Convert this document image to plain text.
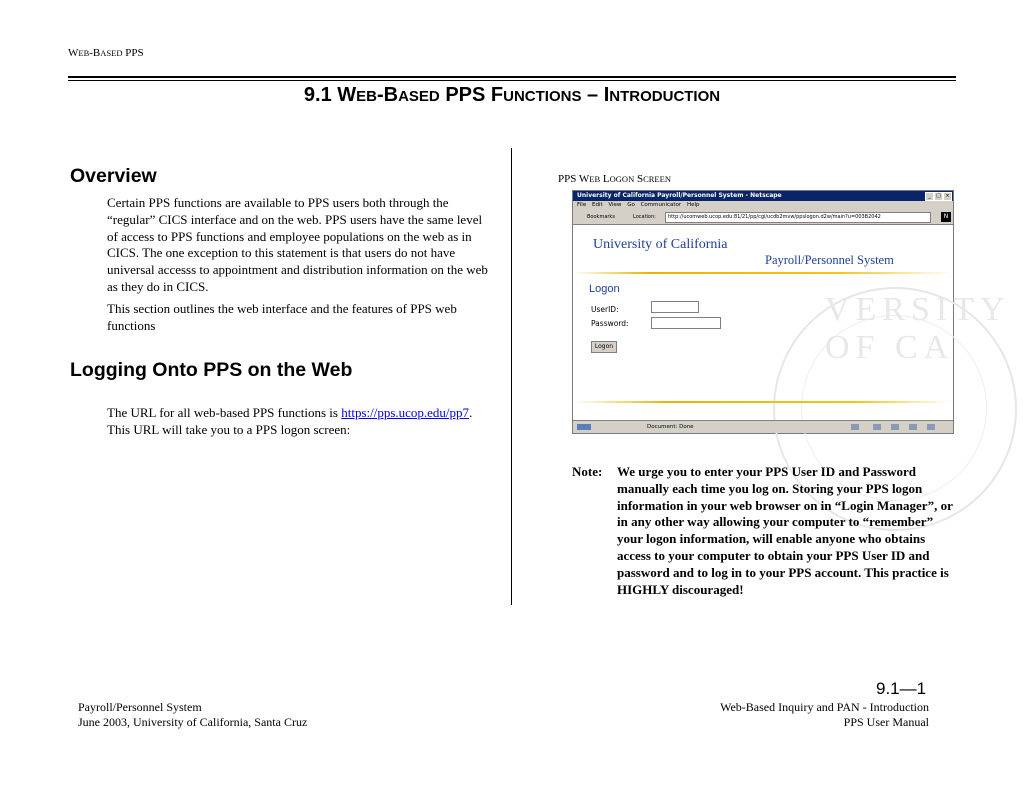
WEB-BASED PPS
9.1 WEB-BASED PPS FUNCTIONS – INTRODUCTION
Overview
Certain PPS functions are available to PPS users both through the “regular” CICS interface and on the web. PPS users have the same level of access to PPS functions and employee populations on the web as in CICS. The one exception to this statement is that users do not have universal accesss to appointment and distribution information on the web as they do in CICS.
This section outlines the web interface and the features of PPS web functions
Logging Onto PPS on the Web
The URL for all web-based PPS functions is https://pps.ucop.edu/pp7. This URL will take you to a PPS logon screen:
PPS WEB LOGON SCREEN
University of California Payroll/Personnel System - Netscape	_	□ ×
File Edit View Go Communicator Help
Bookmarks	Location:	http://ucomweb.ucop.edu:81/21/pp/cgi/ucdb2mvw/ppslogon.d2w/main?u=003B2042	N
VERSITY OF CA
University of California
Payroll/Personnel System
Logon
UserID:
Password:
Logon
Document: Done
Note: We urge you to enter your PPS User ID and Password manually each time you log on. Storing your PPS logon information in your web browser on in “Login Manager”, or in any other way allowing your computer to “remember” your logon information, will enable anyone who obtains access to your computer to obtain your PPS User ID and password and to log in to your PPS account. This practice is HIGHLY discouraged!
9.1—1
Payroll/Personnel System
June 2003, University of California, Santa Cruz
Web-Based Inquiry and PAN - Introduction
PPS User Manual
